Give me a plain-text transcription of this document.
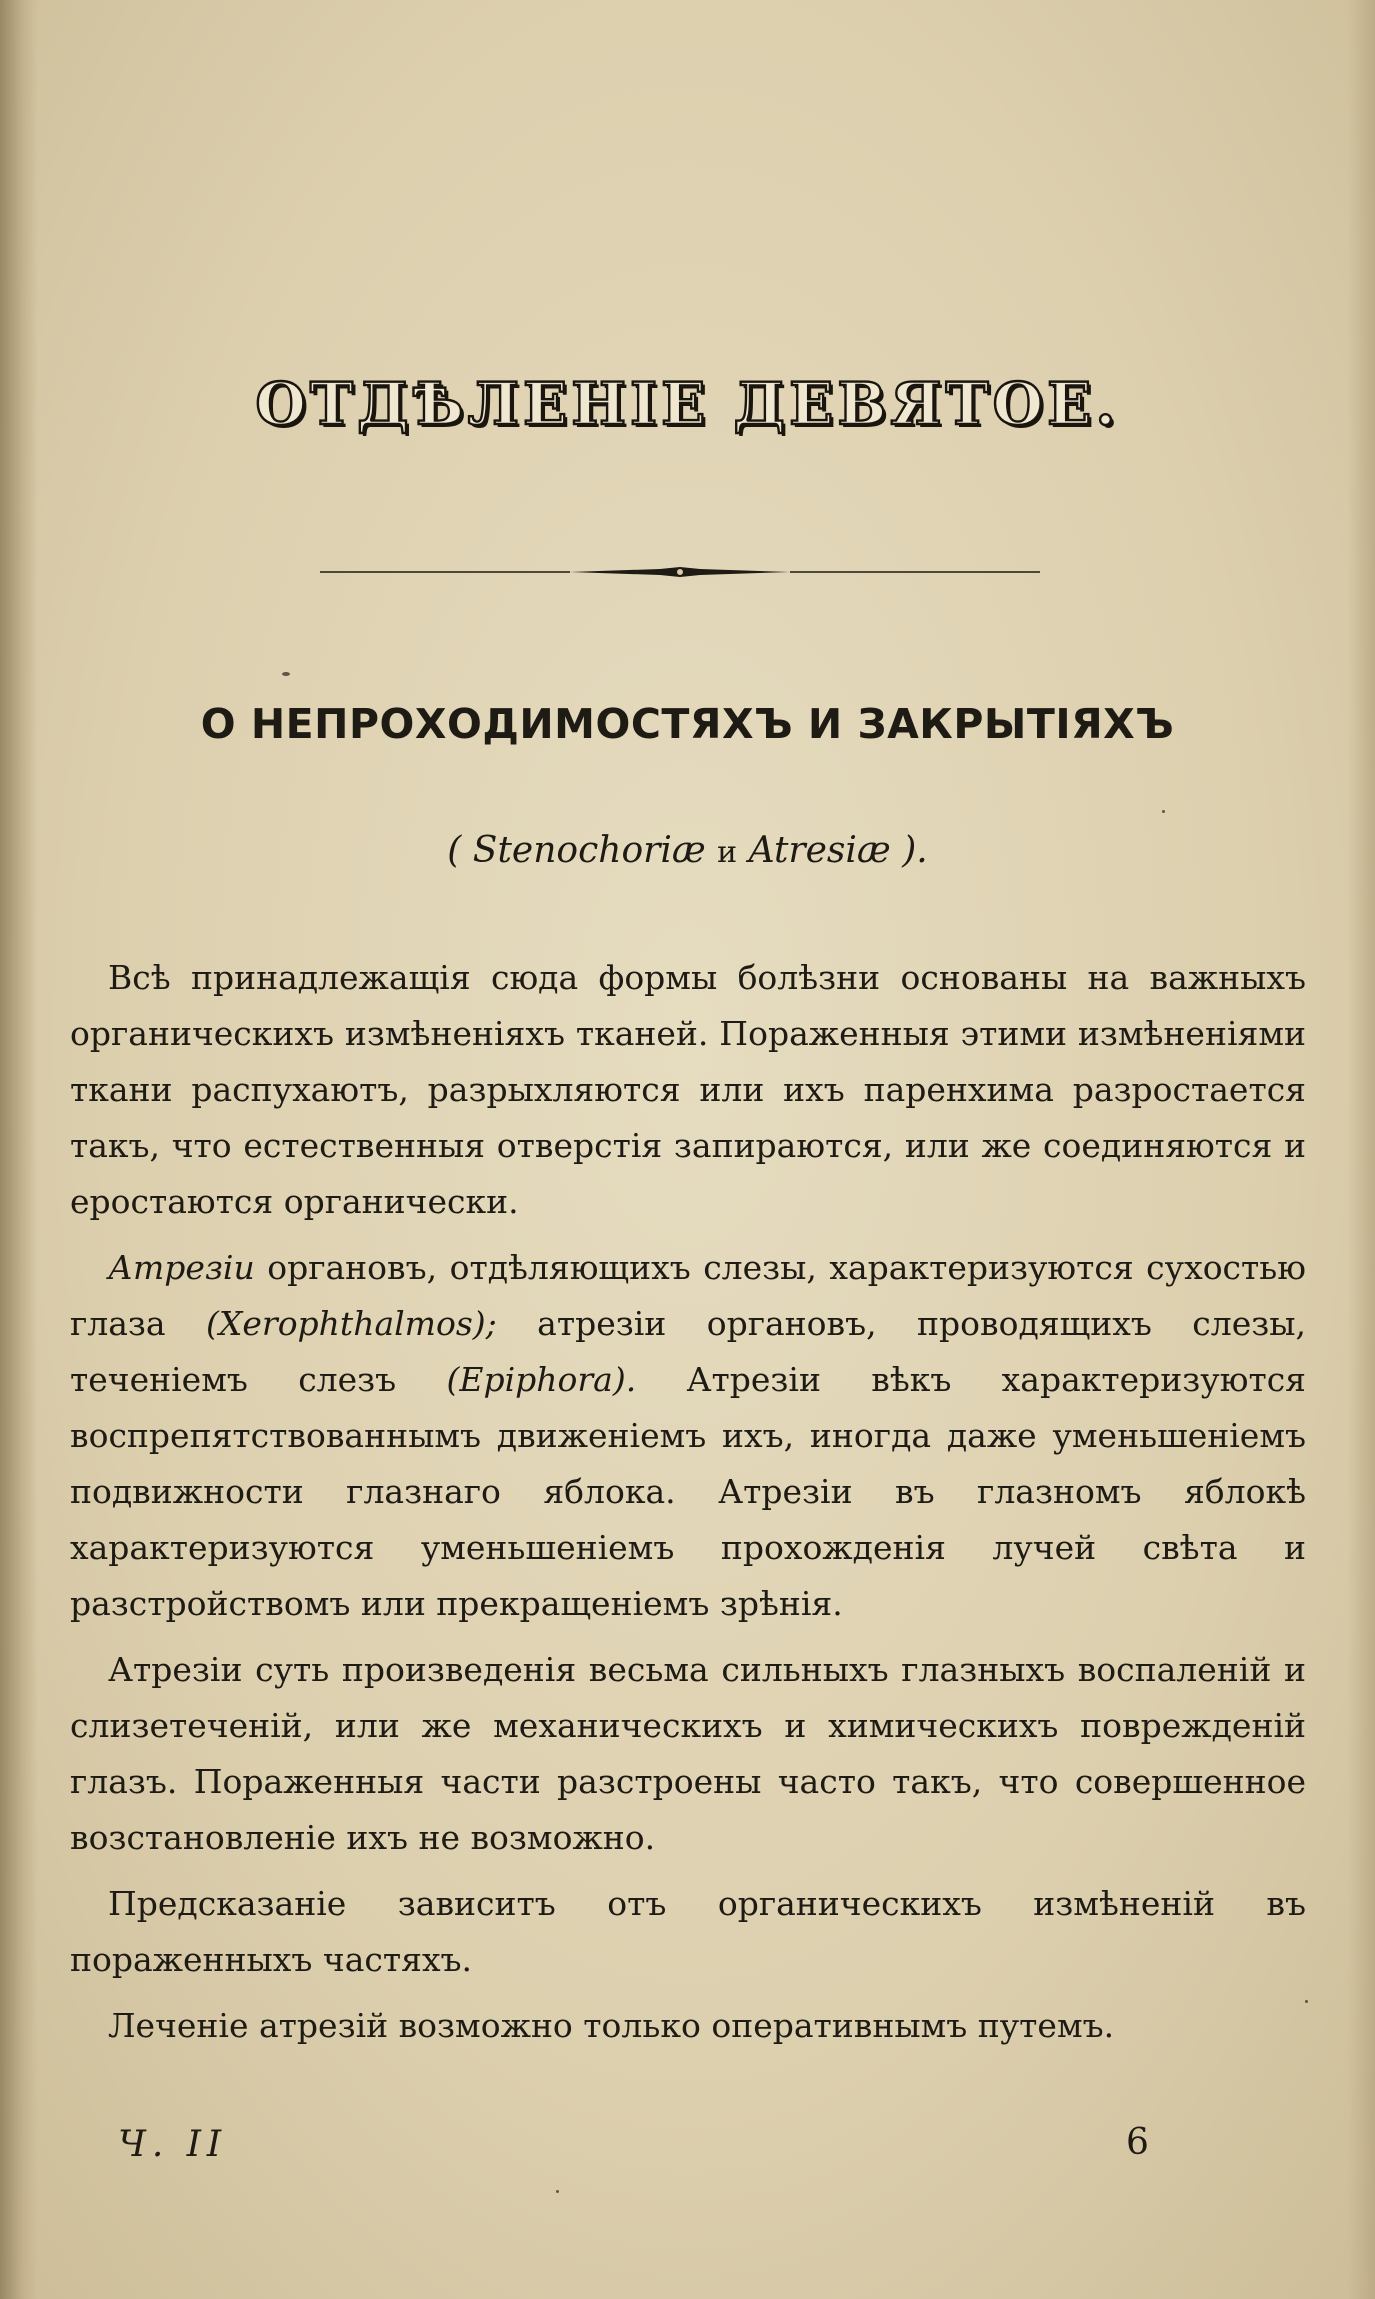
ОТДѢЛЕНІЕ ДЕВЯТОЕ.
О НЕПРОХОДИМОСТЯХЪ И ЗАКРЫТІЯХЪ
( Stenochoriæ и Atresiæ ).

Всѣ принадлежащія сюда формы болѣзни основаны на важныхъ органическихъ измѣненіяхъ тканей. Пораженныя этими измѣненіями ткани распухаютъ, разрыхляются или ихъ паренхима разростается такъ, что естественныя отверстія запираются, или же соединяются и еростаются органически.

Атрезіи органовъ, отдѣляющихъ слезы, характеризуются сухостью глаза (Xerophthalmos); атрезіи органовъ, проводящихъ слезы, теченіемъ слезъ (Epiphora). Атрезіи вѣкъ характеризуются воспрепятствованнымъ движеніемъ ихъ, иногда даже уменьшеніемъ подвижности глазнаго яблока. Атрезіи въ глазномъ яблокѣ характеризуются уменьшеніемъ прохожденія лучей свѣта и разстройствомъ или прекращеніемъ зрѣнія.

Атрезіи суть произведенія весьма сильныхъ глазныхъ воспаленій и слизетеченій, или же механическихъ и химическихъ поврежденій глазъ. Пораженныя части разстроены часто такъ, что совершенное возстановленіе ихъ не возможно.

Предсказаніе зависитъ отъ органическихъ измѣненій въ пораженныхъ частяхъ.

Леченіе атрезій возможно только оперативнымъ путемъ.

Ч. II	6
